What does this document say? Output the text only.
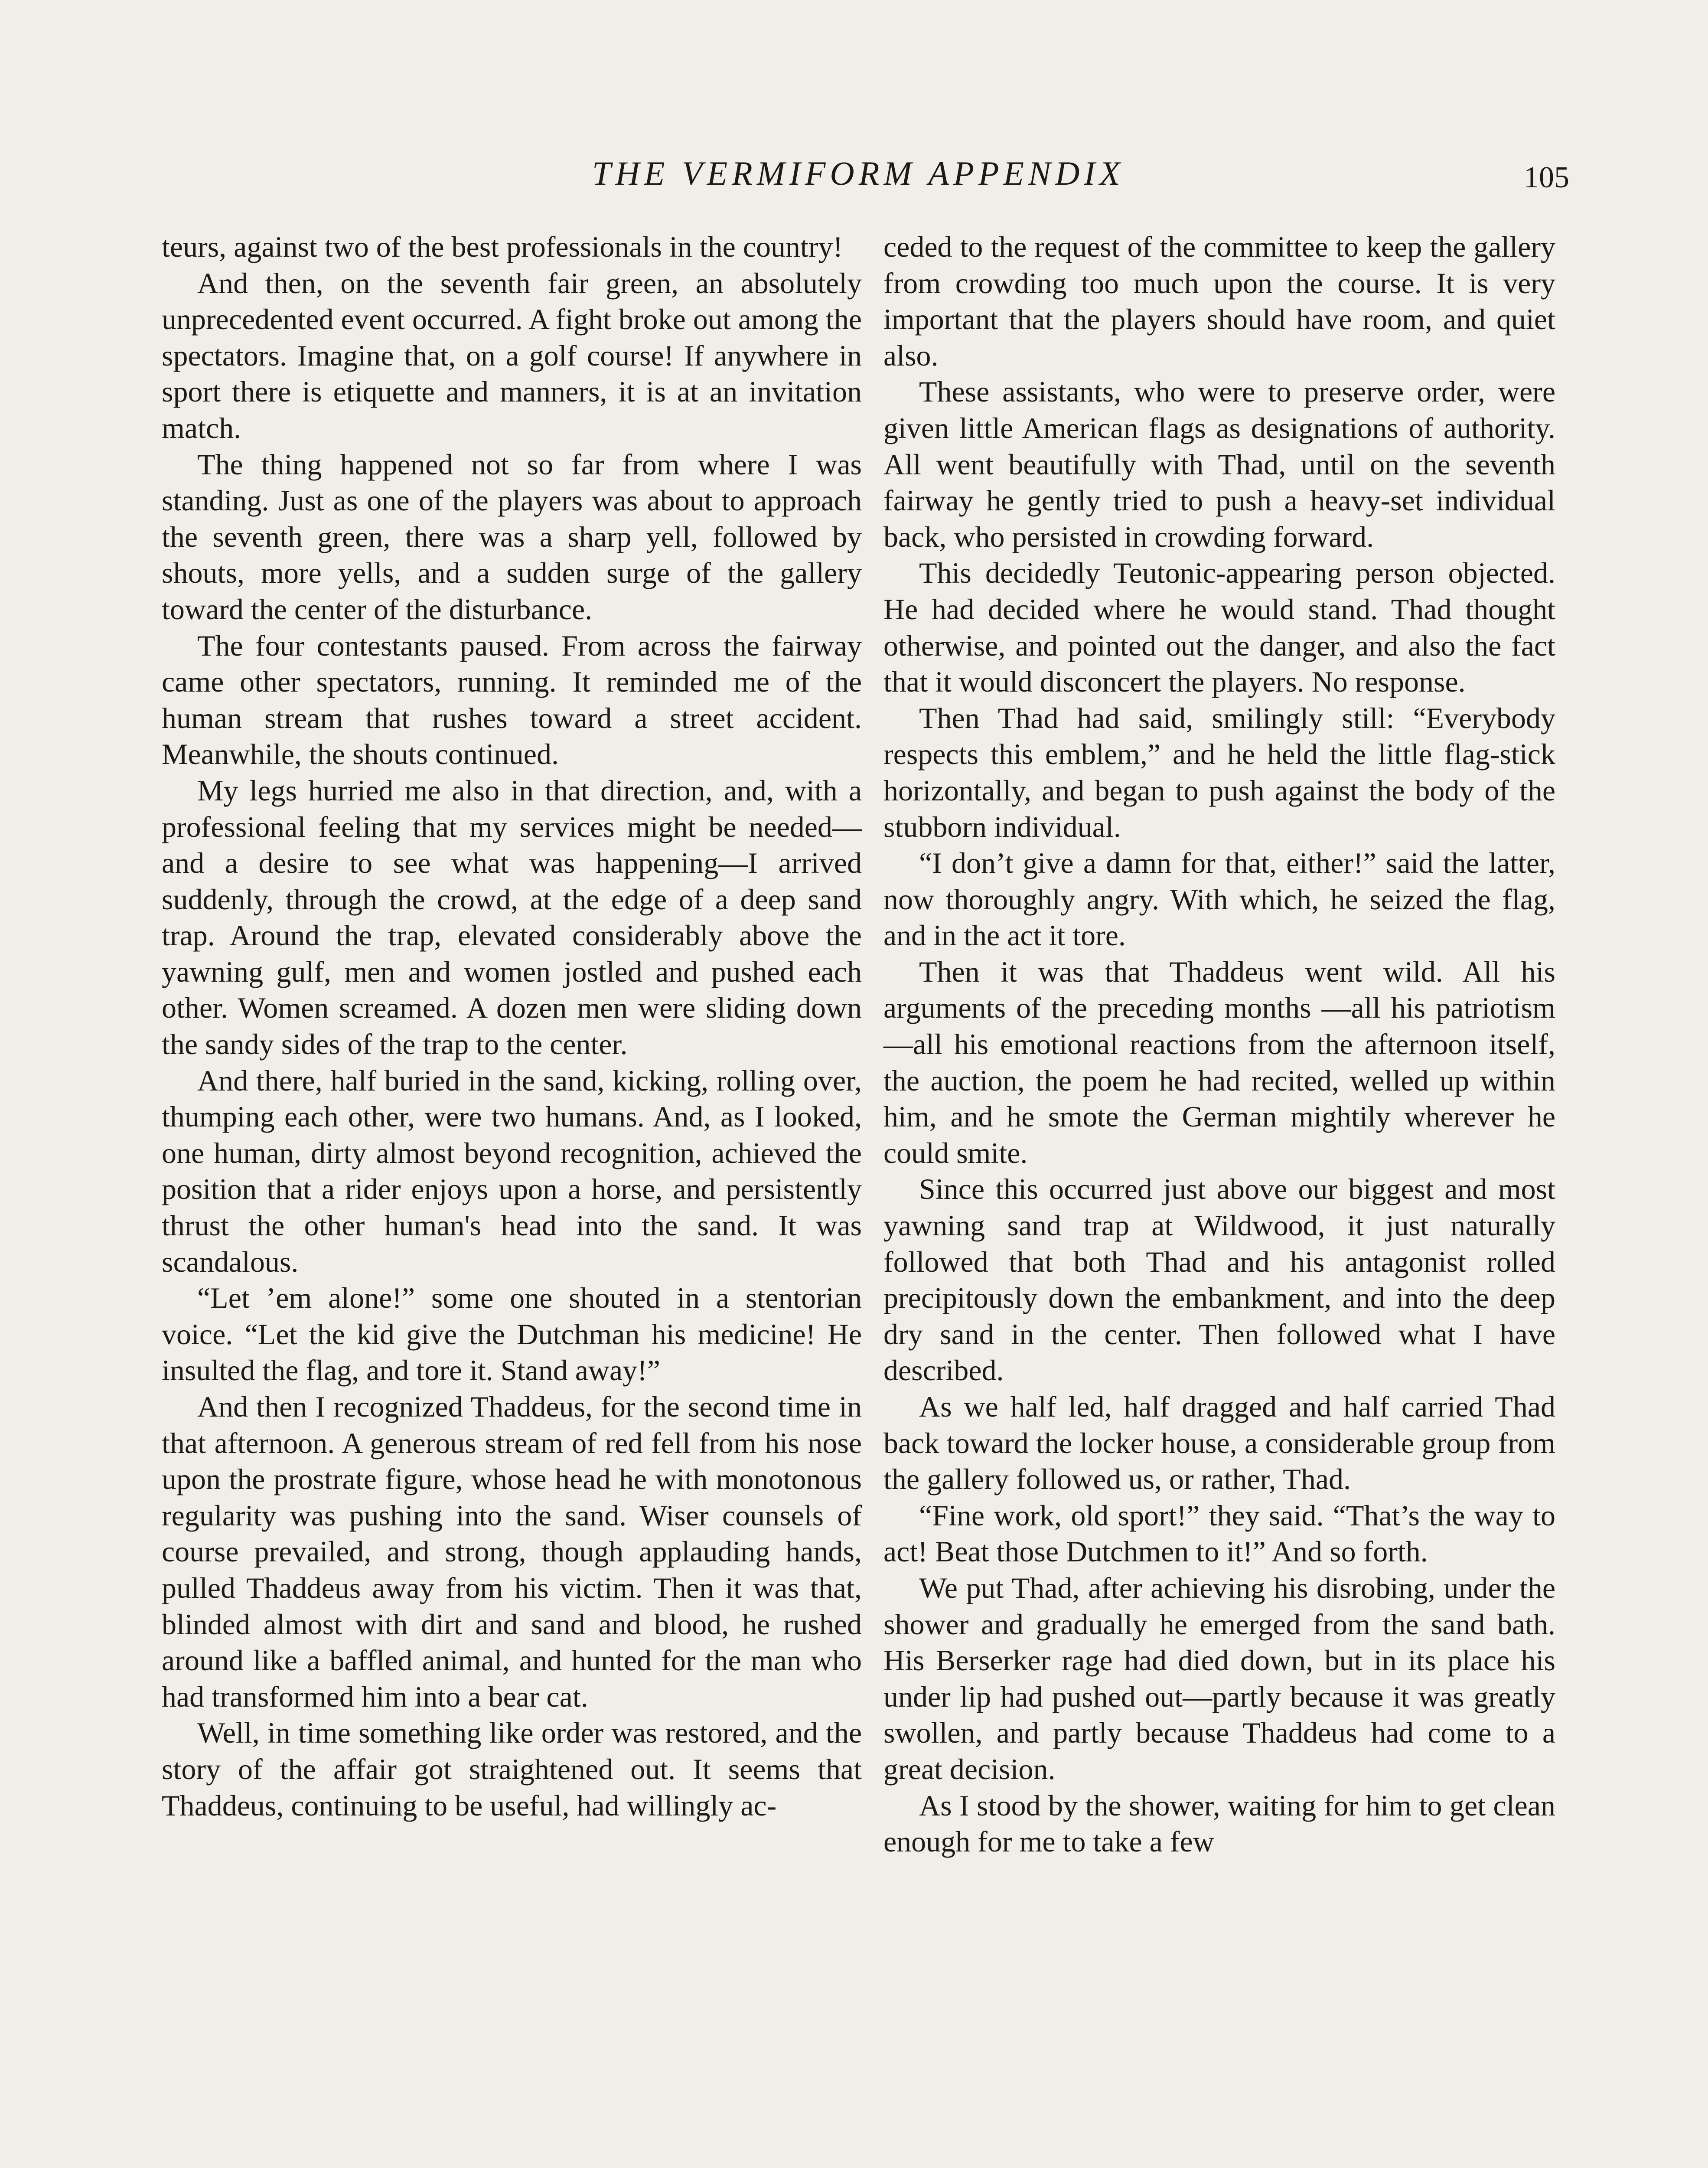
THE VERMIFORM APPENDIX	105

teurs, against two of the best professionals in the country!

And then, on the seventh fair green, an absolutely unprecedented event occurred. A fight broke out among the spectators. Imagine that, on a golf course! If anywhere in sport there is etiquette and manners, it is at an invitation match.

The thing happened not so far from where I was standing. Just as one of the players was about to approach the seventh green, there was a sharp yell, followed by shouts, more yells, and a sudden surge of the gallery toward the center of the disturbance.

The four contestants paused. From across the fairway came other spectators, running. It reminded me of the human stream that rushes toward a street accident. Meanwhile, the shouts continued.

My legs hurried me also in that direction, and, with a professional feeling that my services might be needed—and a desire to see what was happening—I arrived suddenly, through the crowd, at the edge of a deep sand trap. Around the trap, elevated considerably above the yawning gulf, men and women jostled and pushed each other. Women screamed. A dozen men were sliding down the sandy sides of the trap to the center.

And there, half buried in the sand, kicking, rolling over, thumping each other, were two humans. And, as I looked, one human, dirty almost beyond recognition, achieved the position that a rider enjoys upon a horse, and persistently thrust the other human's head into the sand. It was scandalous.

“Let ’em alone!” some one shouted in a stentorian voice. “Let the kid give the Dutchman his medicine! He insulted the flag, and tore it. Stand away!”

And then I recognized Thaddeus, for the second time in that afternoon. A generous stream of red fell from his nose upon the prostrate figure, whose head he with monotonous regularity was pushing into the sand. Wiser counsels of course prevailed, and strong, though applauding hands, pulled Thaddeus away from his victim. Then it was that, blinded almost with dirt and sand and blood, he rushed around like a baffled animal, and hunted for the man who had transformed him into a bear cat.

Well, in time something like order was restored, and the story of the affair got straightened out. It seems that Thaddeus, continuing to be useful, had willingly ac-

ceded to the request of the committee to keep the gallery from crowding too much upon the course. It is very important that the players should have room, and quiet also.

These assistants, who were to preserve order, were given little American flags as designations of authority. All went beautifully with Thad, until on the seventh fairway he gently tried to push a heavy-set individual back, who persisted in crowding forward.

This decidedly Teutonic-appearing person objected. He had decided where he would stand. Thad thought otherwise, and pointed out the danger, and also the fact that it would disconcert the players. No response.

Then Thad had said, smilingly still: “Everybody respects this emblem,” and he held the little flag-stick horizontally, and began to push against the body of the stubborn individual.

“I don’t give a damn for that, either!” said the latter, now thoroughly angry. With which, he seized the flag, and in the act it tore.

Then it was that Thaddeus went wild. All his arguments of the preceding months —all his patriotism—all his emotional reactions from the afternoon itself, the auction, the poem he had recited, welled up within him, and he smote the German mightily wherever he could smite.

Since this occurred just above our biggest and most yawning sand trap at Wildwood, it just naturally followed that both Thad and his antagonist rolled precipitously down the embankment, and into the deep dry sand in the center. Then followed what I have described.

As we half led, half dragged and half carried Thad back toward the locker house, a considerable group from the gallery followed us, or rather, Thad.

“Fine work, old sport!” they said. “That’s the way to act! Beat those Dutchmen to it!” And so forth.

We put Thad, after achieving his disrobing, under the shower and gradually he emerged from the sand bath. His Berserker rage had died down, but in its place his under lip had pushed out—partly because it was greatly swollen, and partly because Thaddeus had come to a great decision.

As I stood by the shower, waiting for him to get clean enough for me to take a few
